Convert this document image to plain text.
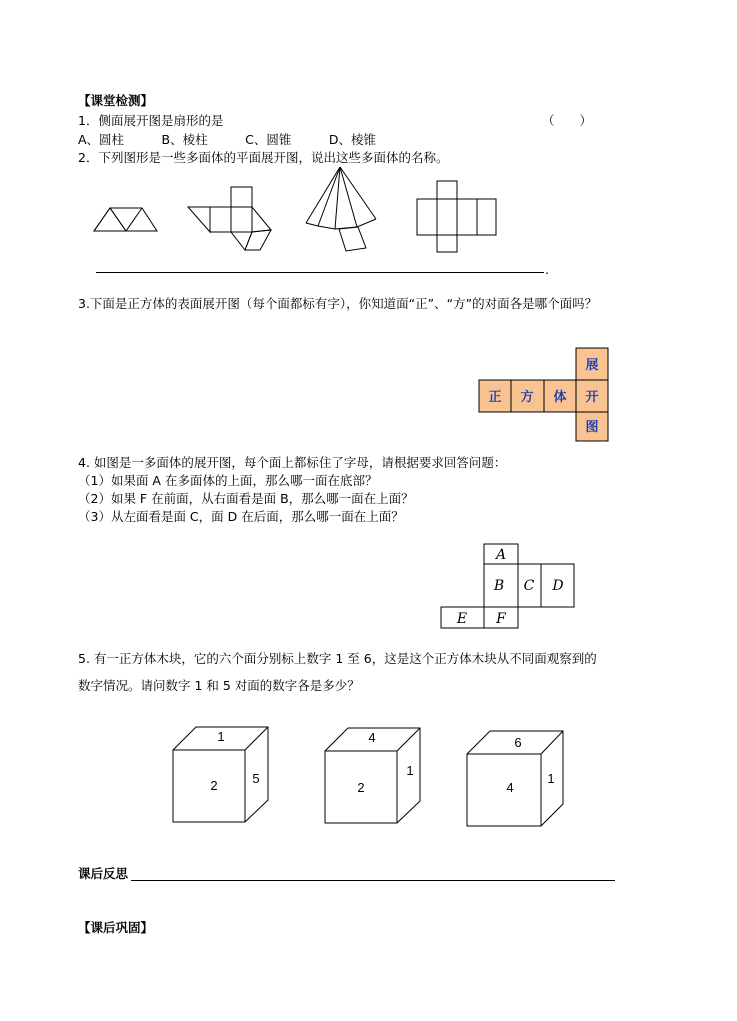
【课堂检测】
1．侧面展开图是扇形的是	（　　）
A、圆柱　　　B、棱柱　　　C、圆锥　　　D、棱锥
2．下列图形是一些多面体的平面展开图，说出这些多面体的名称。
展
正 方 体 开
图
A
B C D
E F
1
2	5
4
2
1
6
4
1
.
3.下面是正方体的表面展开图（每个面都标有字），你知道面“正”、“方”的对面各是哪个面吗？
4. 如图是一多面体的展开图，每个面上都标住了字母，请根据要求回答问题：
（1）如果面 A 在多面体的上面，那么哪一面在底部？
（2）如果 F 在前面，从右面看是面 B，那么哪一面在上面？
（3）从左面看是面 C，面 D 在后面，那么哪一面在上面？
5. 有一正方体木块，它的六个面分别标上数字 1 至 6，这是这个正方体木块从不同面观察到的
数字情况。请问数字 1 和 5 对面的数字各是多少？
课后反思
【课后巩固】
